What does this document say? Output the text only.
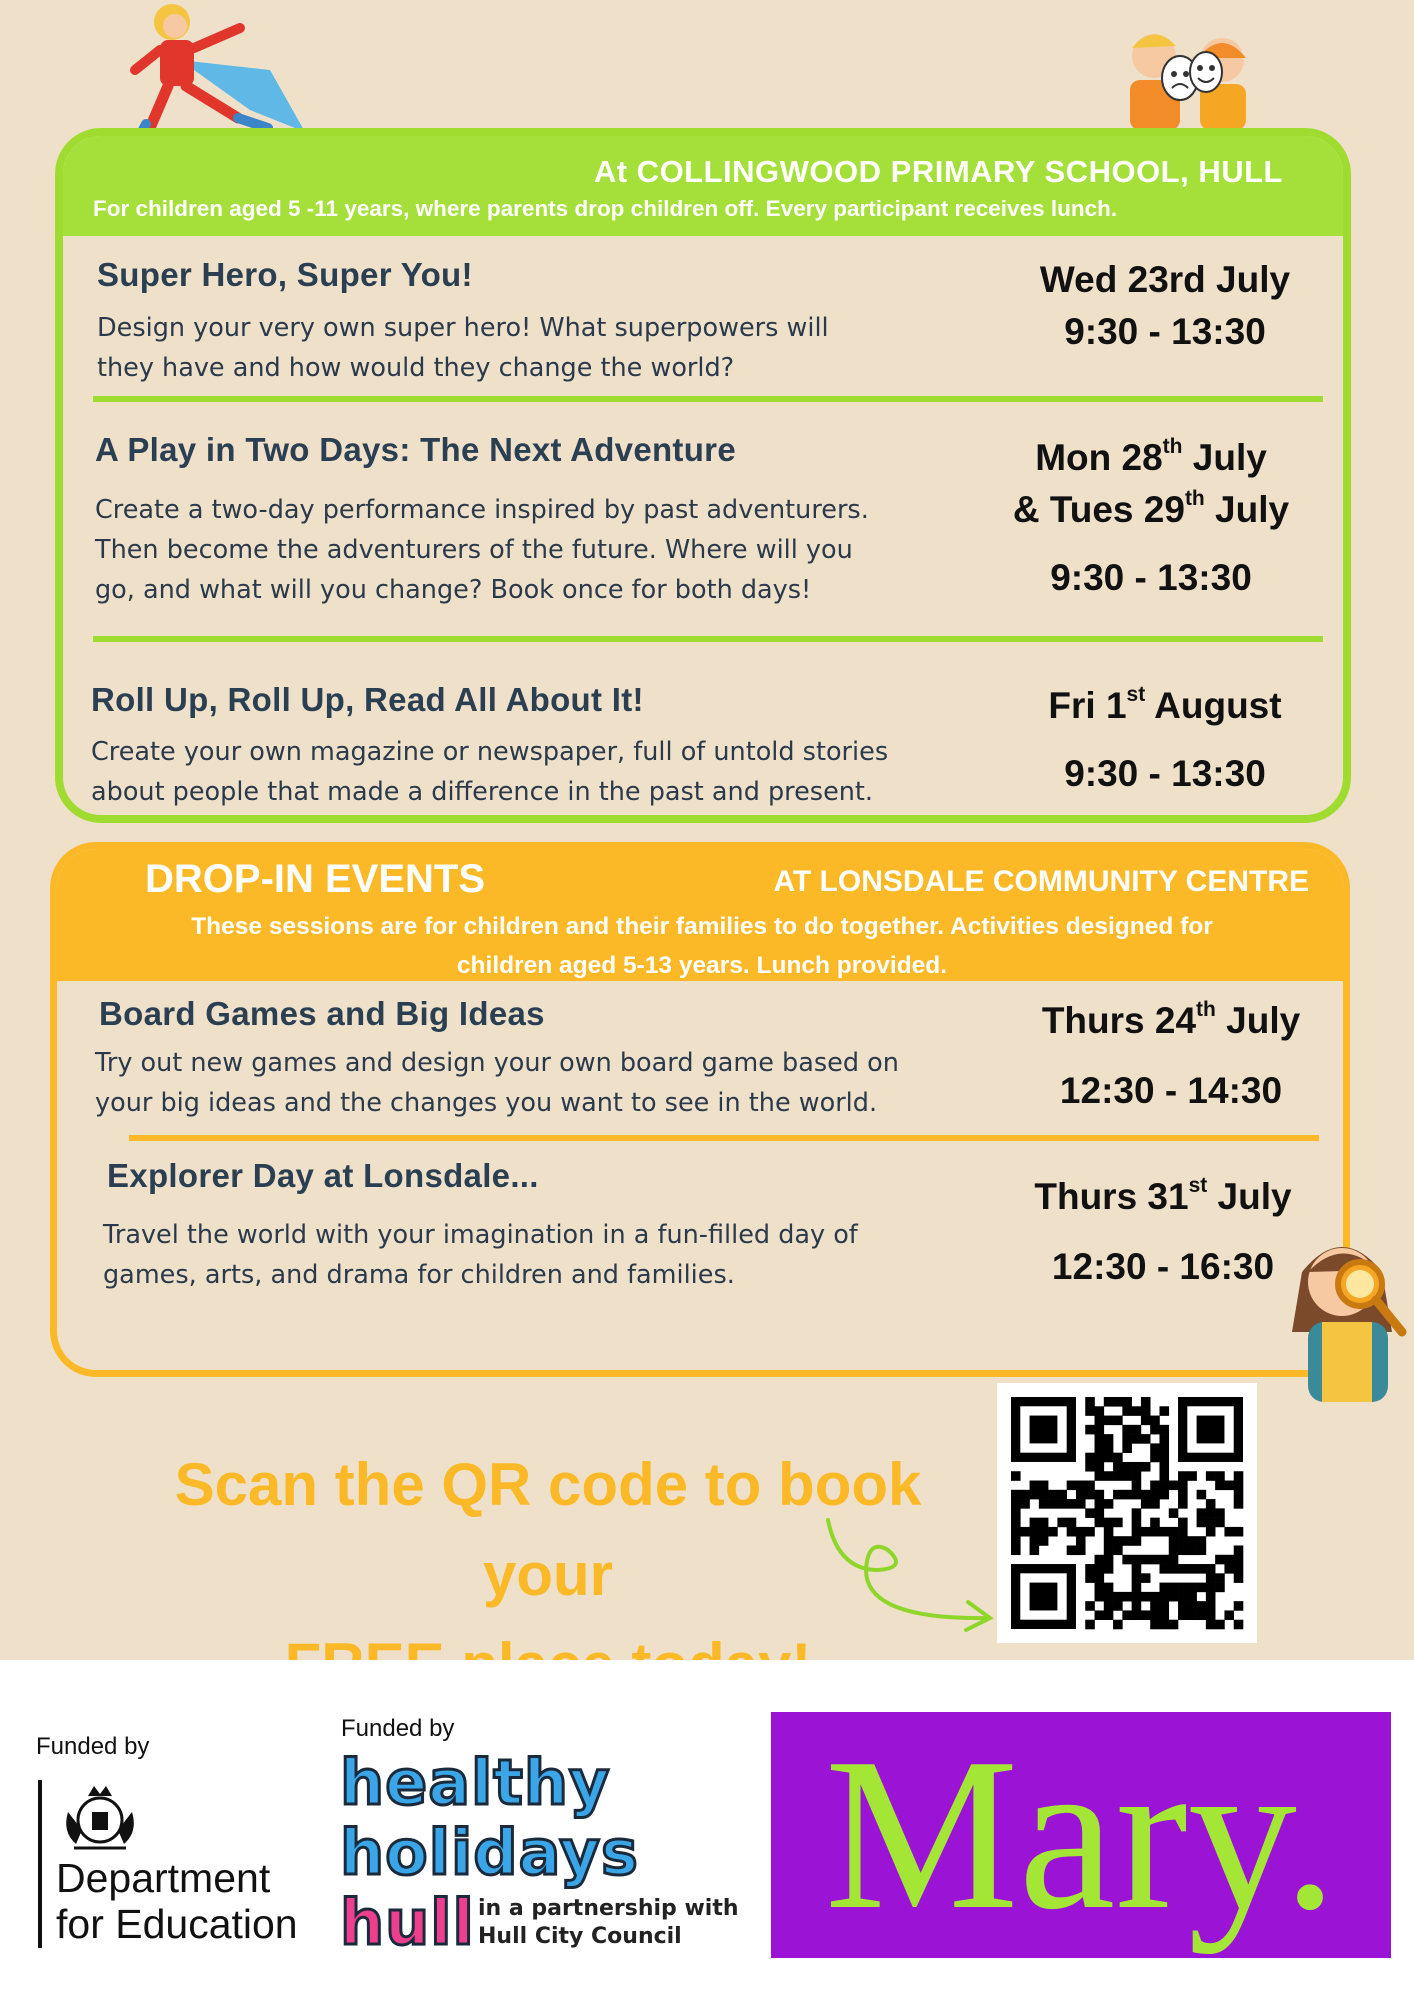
At COLLINGWOOD PRIMARY SCHOOL, HULL
For children aged 5 -11 years, where parents drop children off. Every participant receives lunch.
Super Hero, Super You!
Design your very own super hero! What superpowers will
they have and how would they change the world?
Wed 23rd July
9:30 - 13:30
A Play in Two Days: The Next Adventure
Create a two-day performance inspired by past adventurers.
Then become the adventurers of the future. Where will you
go, and what will you change? Book once for both days!
Mon 28th July
& Tues 29th July
9:30 - 13:30
Roll Up, Roll Up, Read All About It!
Create your own magazine or newspaper, full of untold stories
about people that made a difference in the past and present.
Fri 1st August
9:30 - 13:30
DROP-IN EVENTS	AT LONSDALE COMMUNITY CENTRE
These sessions are for children and their families to do together. Activities designed for
children aged 5-13 years. Lunch provided.
Board Games and Big Ideas
Try out new games and design your own board game based on
your big ideas and the changes you want to see in the world.
Thurs 24th July
12:30 - 14:30
Explorer Day at Lonsdale...
Travel the world with your imagination in a fun-filled day of
games, arts, and drama for children and families.
Thurs 31st July
12:30 - 16:30
Scan the QR code to book your
Funded by
Department
for Education
Funded by
healthy
holidays
hull in a partnership with
Hull City Council Mary.
